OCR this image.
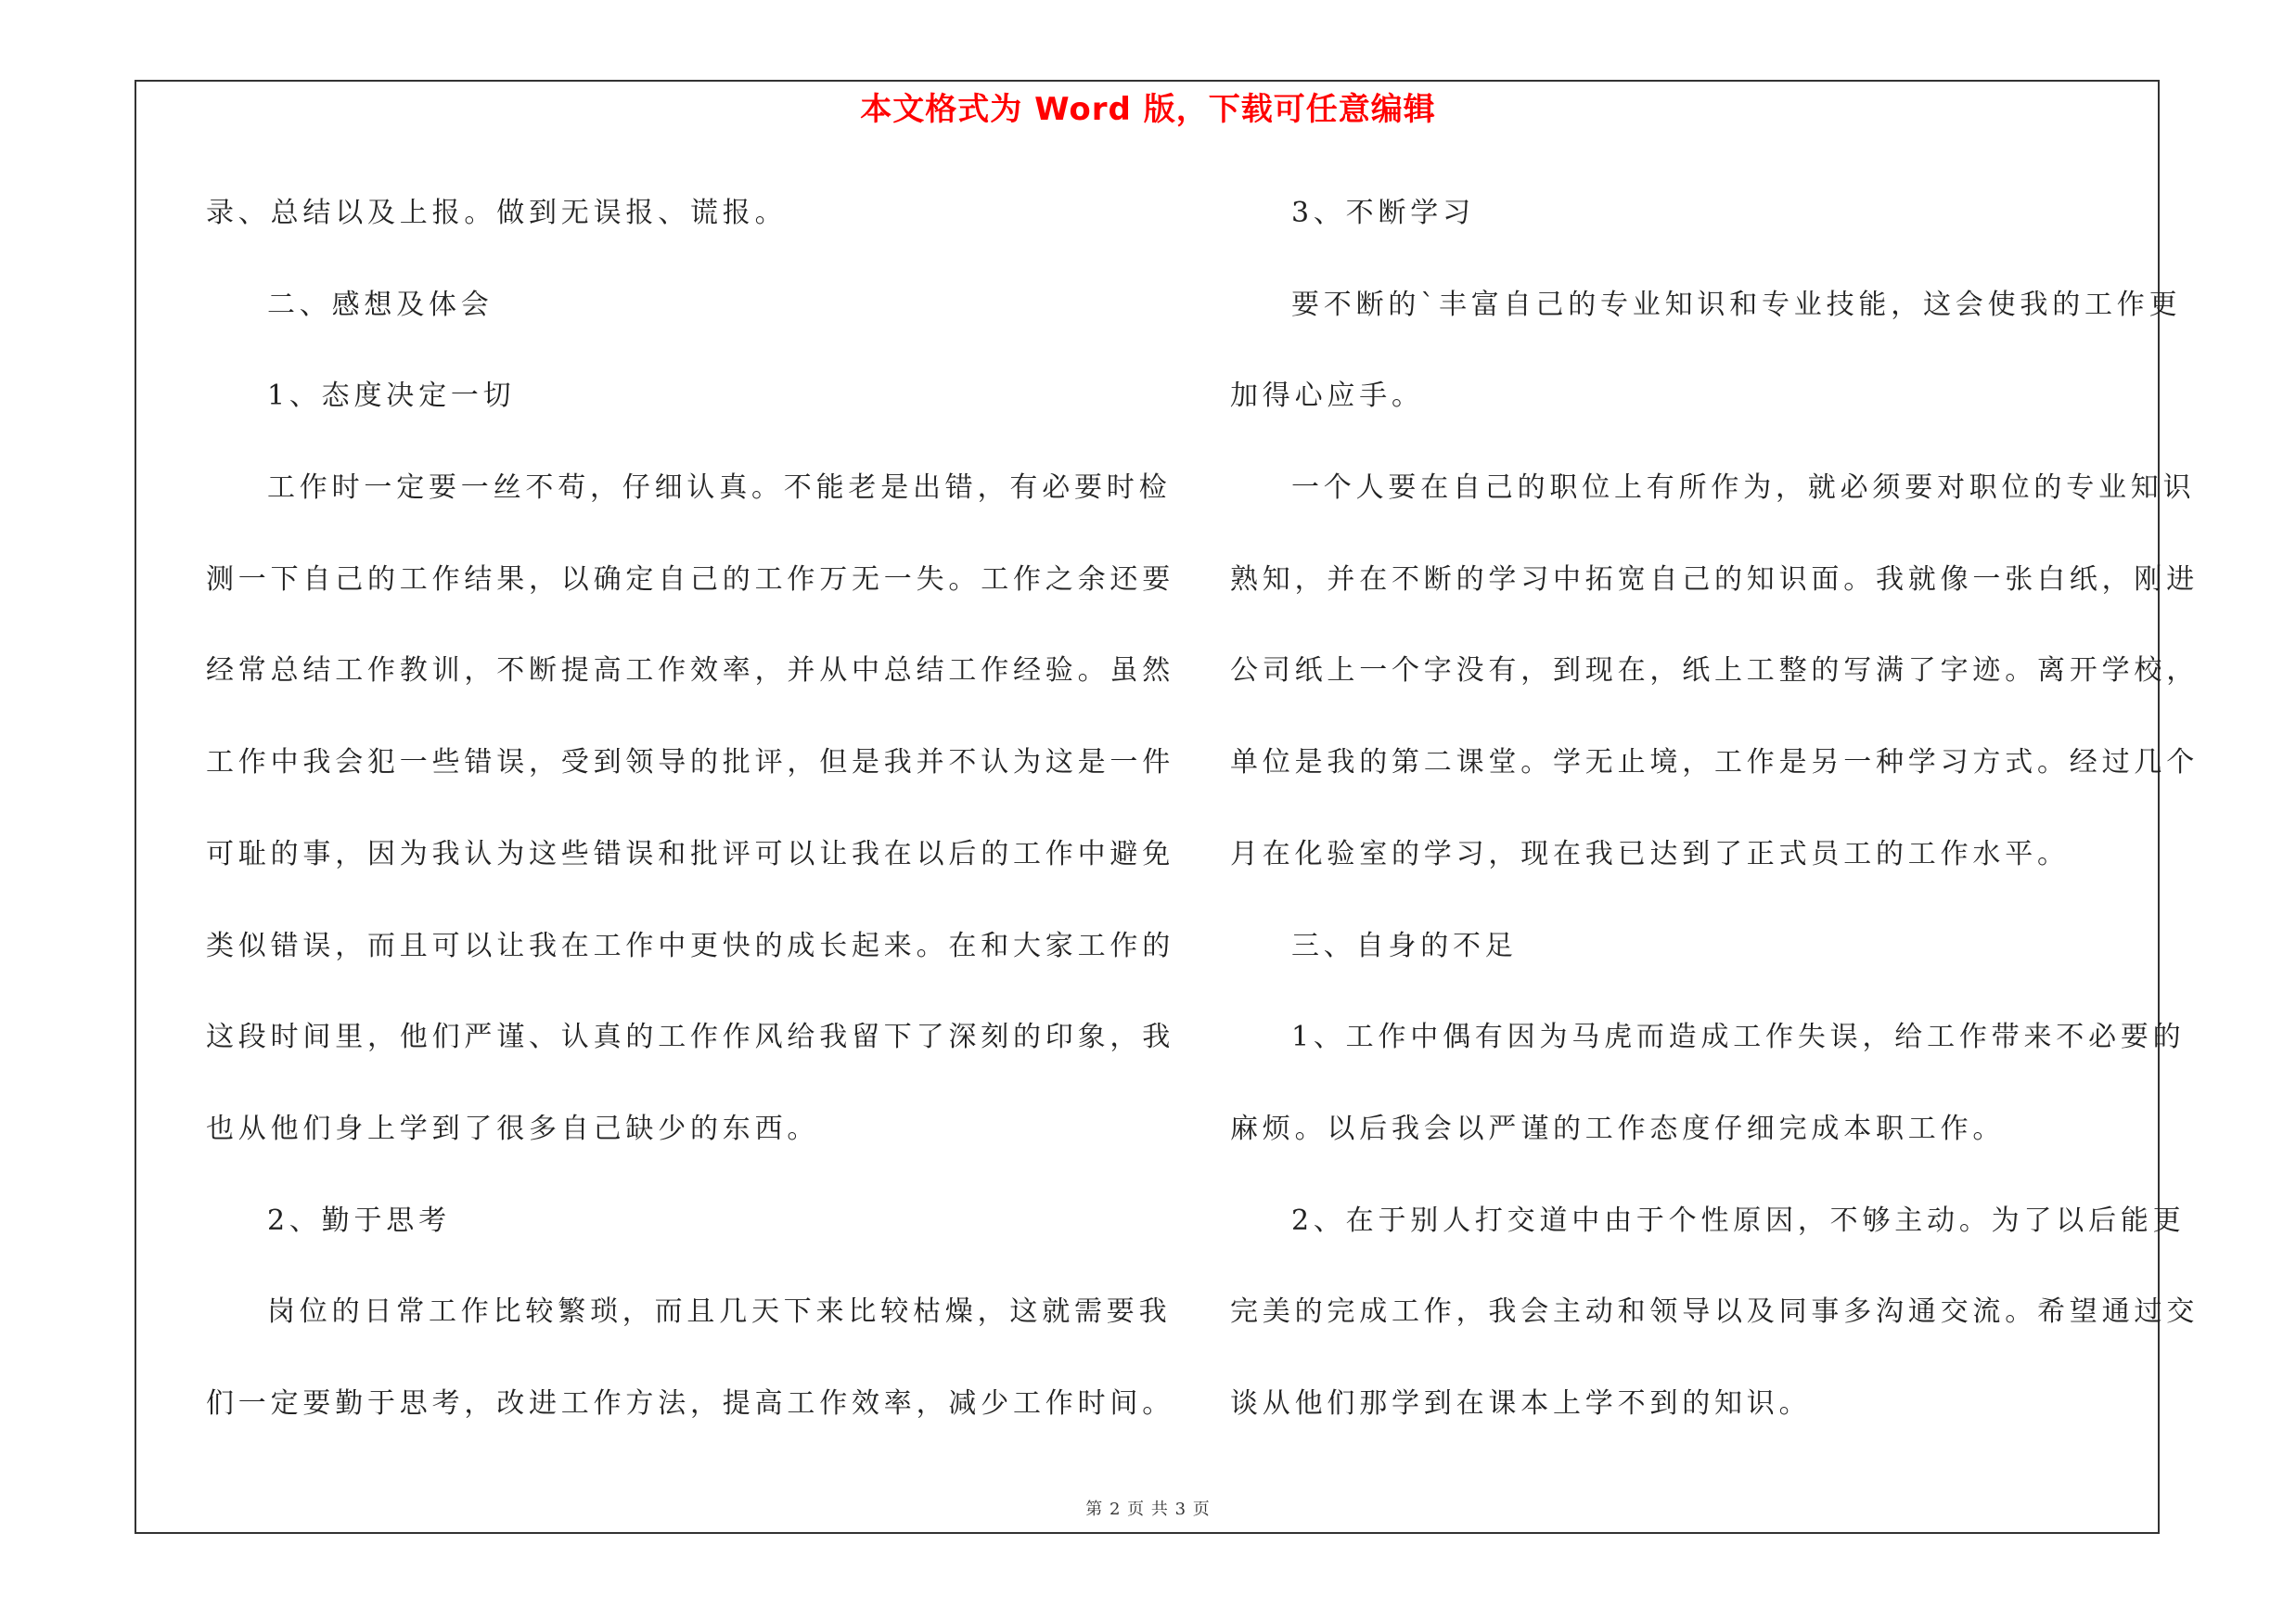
本文格式为 Word 版，下载可任意编辑
录、总结以及上报。做到无误报、谎报。
二、感想及体会
1、态度决定一切
工作时一定要一丝不苟，仔细认真。不能老是出错，有必要时检
测一下自己的工作结果，以确定自己的工作万无一失。工作之余还要
经常总结工作教训，不断提高工作效率，并从中总结工作经验。虽然
工作中我会犯一些错误，受到领导的批评，但是我并不认为这是一件
可耻的事，因为我认为这些错误和批评可以让我在以后的工作中避免
类似错误，而且可以让我在工作中更快的成长起来。在和大家工作的
这段时间里，他们严谨、认真的工作作风给我留下了深刻的印象，我
也从他们身上学到了很多自己缺少的东西。
2、勤于思考
岗位的日常工作比较繁琐，而且几天下来比较枯燥，这就需要我
们一定要勤于思考，改进工作方法，提高工作效率，减少工作时间。
3、不断学习
要不断的`丰富自己的专业知识和专业技能，这会使我的工作更
加得心应手。
一个人要在自己的职位上有所作为，就必须要对职位的专业知识
熟知，并在不断的学习中拓宽自己的知识面。我就像一张白纸，刚进
公司纸上一个字没有，到现在，纸上工整的写满了字迹。离开学校，
单位是我的第二课堂。学无止境，工作是另一种学习方式。经过几个
月在化验室的学习，现在我已达到了正式员工的工作水平。
三、自身的不足
1、工作中偶有因为马虎而造成工作失误，给工作带来不必要的
麻烦。以后我会以严谨的工作态度仔细完成本职工作。
2、在于别人打交道中由于个性原因，不够主动。为了以后能更
完美的完成工作，我会主动和领导以及同事多沟通交流。希望通过交
谈从他们那学到在课本上学不到的知识。
第 2 页 共 3 页
